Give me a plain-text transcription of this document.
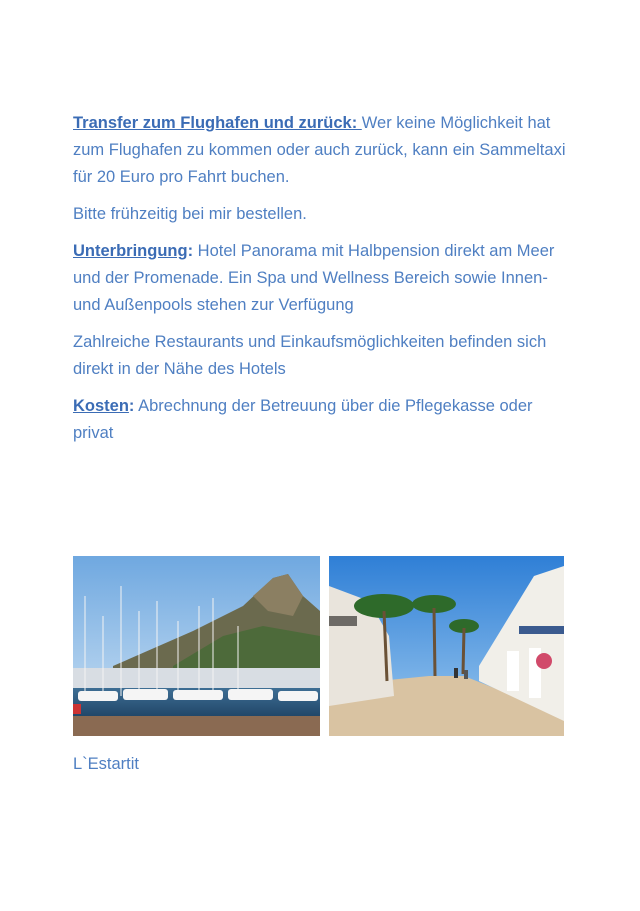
Transfer zum Flughafen und zurück: Wer keine Möglichkeit hat zum Flughafen zu kommen oder auch zurück, kann ein Sammeltaxi für 20 Euro pro Fahrt buchen.

Bitte frühzeitig bei mir bestellen.

Unterbringung: Hotel Panorama mit Halbpension direkt am Meer und der Promenade. Ein Spa und Wellness Bereich sowie Innen- und Außenpools stehen zur Verfügung

Zahlreiche Restaurants und Einkaufsmöglichkeiten befinden sich direkt in der Nähe des Hotels

Kosten: Abrechnung der Betreuung über die Pflegekasse oder privat

L`Estartit
